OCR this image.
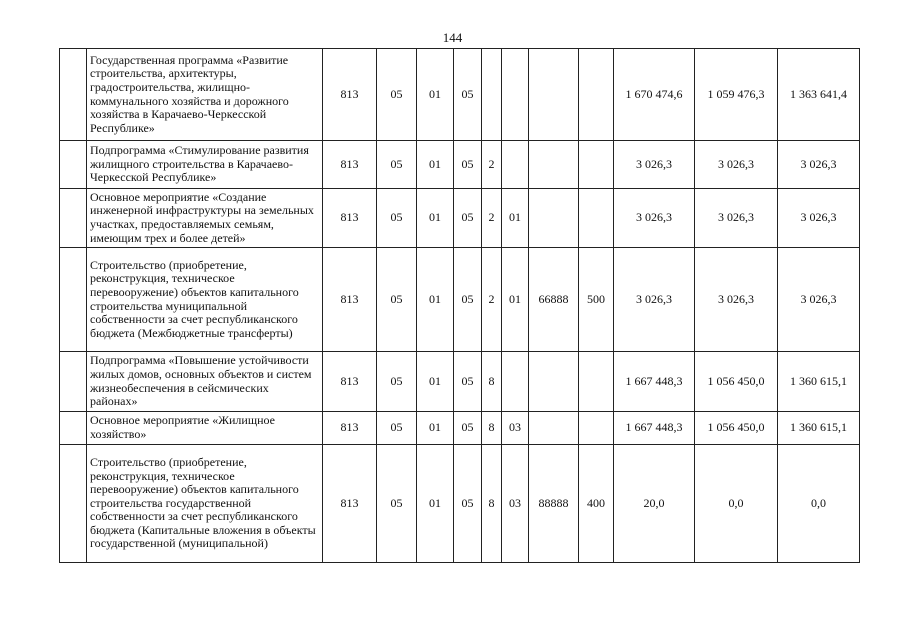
144
	Государственная программа «Развитие строительства, архитектуры, градостроительства, жилищно-коммунального хозяйства и дорожного хозяйства в Карачаево-Черкесской Республике»	813	05	01	05					1 670 474,6	1 059 476,3	1 363 641,4
	Подпрограмма «Стимулирование развития жилищного строительства в Карачаево-Черкесской Республике»	813	05	01	05	2				3 026,3	3 026,3	3 026,3
	Основное мероприятие «Создание инженерной инфраструктуры на земельных участках, предоставляемых семьям, имеющим трех и более детей»	813	05	01	05	2	01			3 026,3	3 026,3	3 026,3
	Строительство (приобретение, реконструкция, техническое перевооружение) объектов капитального строительства муниципальной собственности за счет республиканского бюджета (Межбюджетные трансферты)	813	05	01	05	2	01	66888	500	3 026,3	3 026,3	3 026,3
	Подпрограмма «Повышение устойчивости жилых домов, основных объектов и систем жизнеобеспечения в сейсмических районах»	813	05	01	05	8				1 667 448,3	1 056 450,0	1 360 615,1
	Основное мероприятие «Жилищное хозяйство»	813	05	01	05	8	03			1 667 448,3	1 056 450,0	1 360 615,1
	Строительство (приобретение, реконструкция, техническое перевооружение) объектов капитального строительства государственной собственности за счет республиканского бюджета (Капитальные вложения в объекты государственной (муниципальной)	813	05	01	05	8	03	88888	400	20,0	0,0	0,0
